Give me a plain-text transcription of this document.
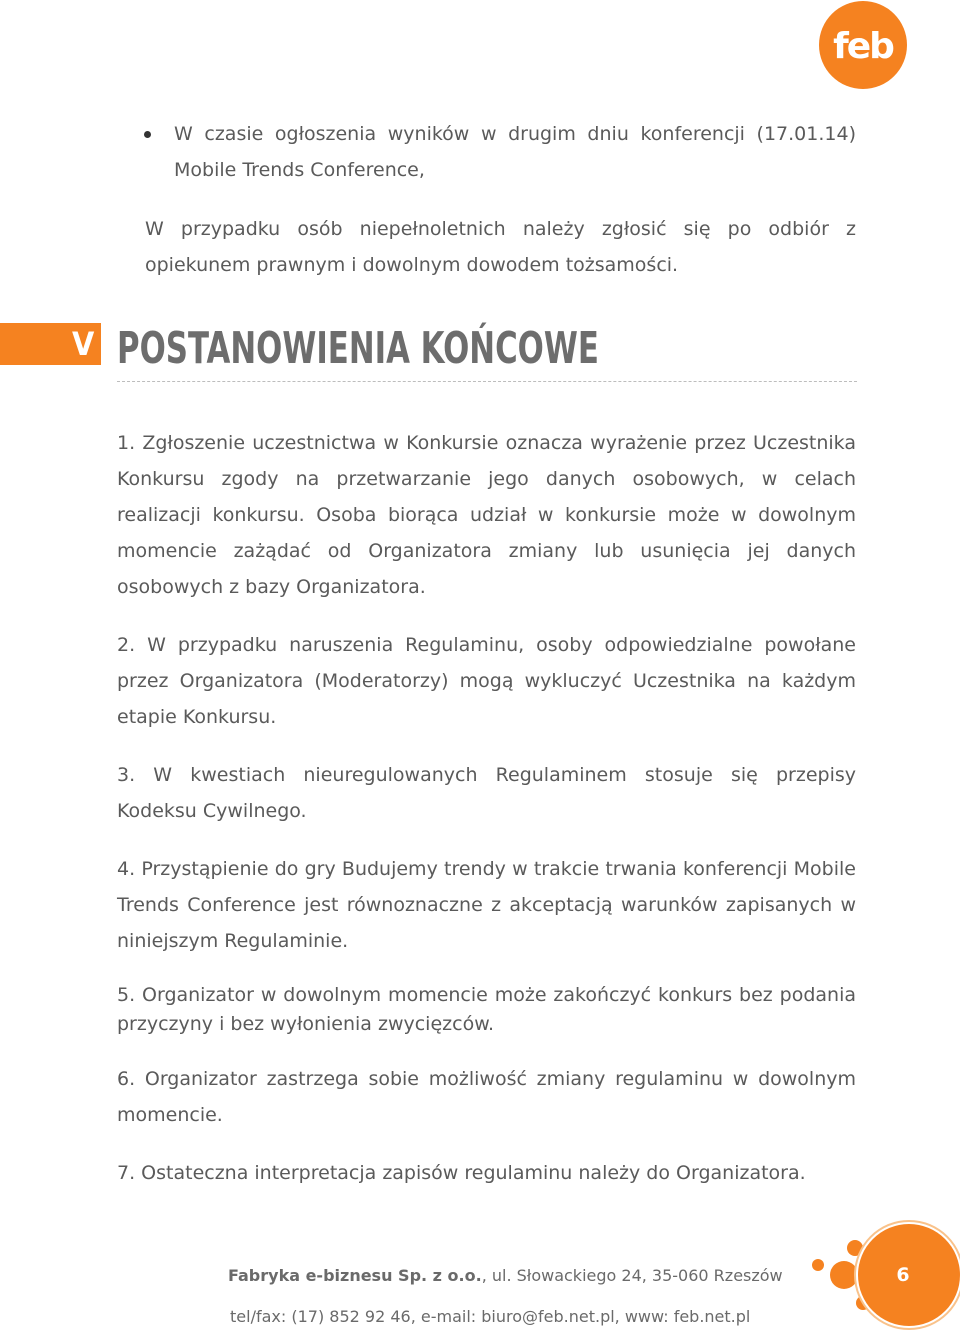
feb
W czasie ogłoszenia wyników w drugim dniu konferencji (17.01.14) Mobile Trends Conference,
W przypadku osób niepełnoletnich należy zgłosić się po odbiór z opiekunem prawnym i dowolnym dowodem tożsamości.
V POSTANOWIENIA KOŃCOWE

1. Zgłoszenie uczestnictwa w Konkursie oznacza wyrażenie przez Uczestnika Konkursu zgody na przetwarzanie jego danych osobowych, w celach realizacji konkursu. Osoba biorąca udział w konkursie może w dowolnym momencie zażądać od Organizatora zmiany lub usunięcia jej danych osobowych z bazy Organizatora.

2. W przypadku naruszenia Regulaminu, osoby odpowiedzialne powołane przez Organizatora (Moderatorzy) mogą wykluczyć Uczestnika na każdym etapie Konkursu.

3. W kwestiach nieuregulowanych Regulaminem stosuje się przepisy Kodeksu Cywilnego.

4. Przystąpienie do gry Budujemy trendy w trakcie trwania konferencji Mobile Trends Conference jest równoznaczne z akceptacją warunków zapisanych w niniejszym Regulaminie.

5. Organizator w dowolnym momencie może zakończyć konkurs bez podania przyczyny i bez wyłonienia zwycięzców.

6. Organizator zastrzega sobie możliwość zmiany regulaminu w dowolnym momencie.

7. Ostateczna interpretacja zapisów regulaminu należy do Organizatora.

Fabryka e-biznesu Sp. z o.o., ul. Słowackiego 24, 35-060 Rzeszów
tel/fax: (17) 852 92 46, e-mail: biuro@feb.net.pl, www: feb.net.pl
6
